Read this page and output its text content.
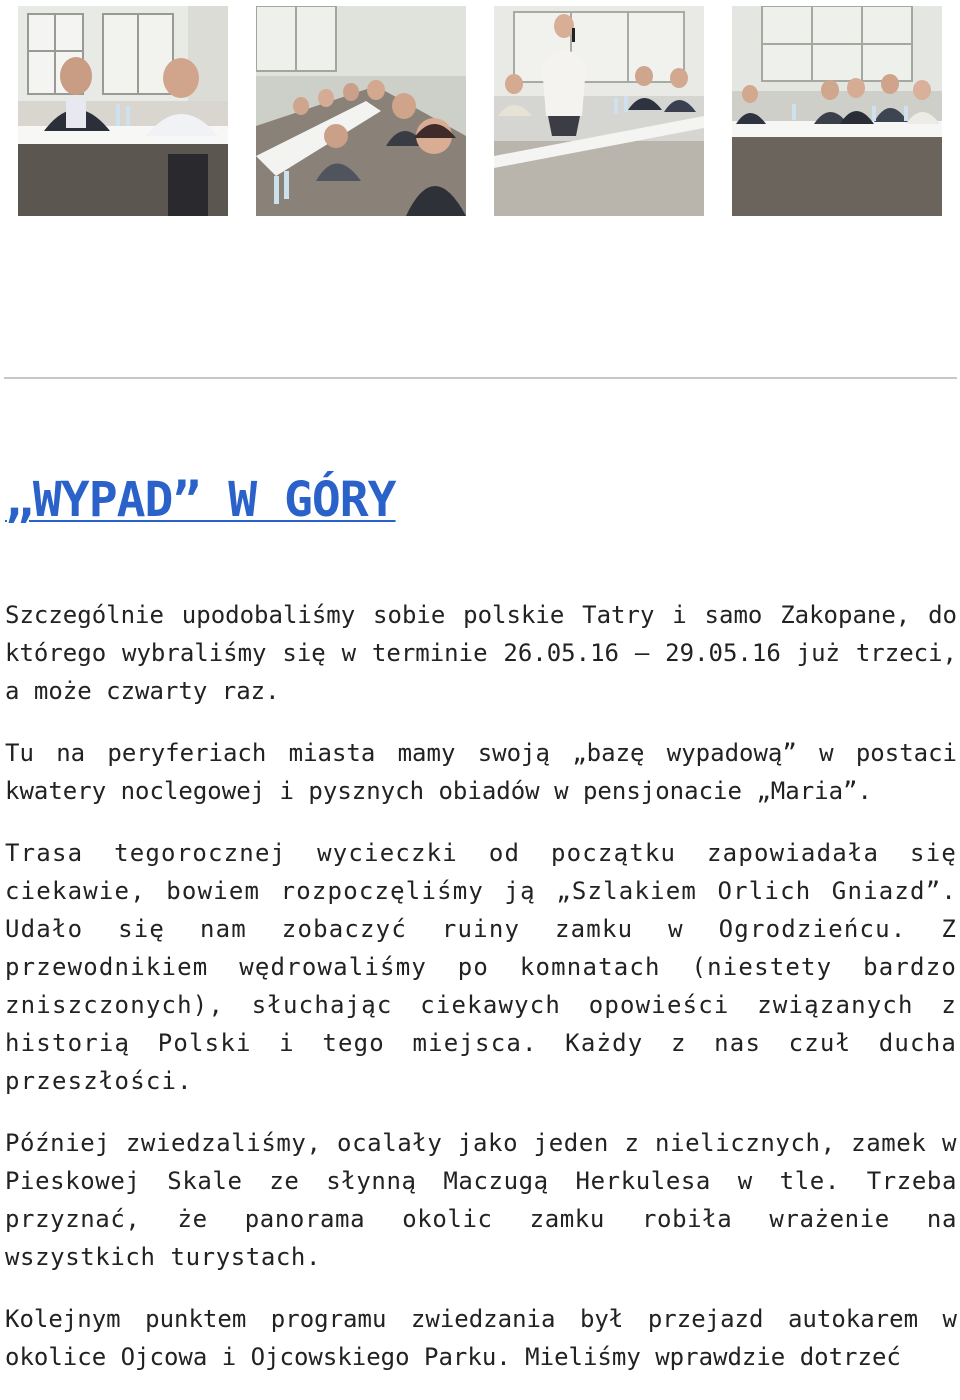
„WYPAD” W GÓRY

Szczególnie upodobaliśmy sobie polskie Tatry i samo Zakopane, do którego wybraliśmy się w terminie 26.05.16 – 29.05.16 już trzeci, a może czwarty raz.

Tu na peryferiach miasta mamy swoją „bazę wypadową” w postaci kwatery noclegowej i pysznych obiadów w pensjonacie „Maria”.

Trasa tegorocznej wycieczki od początku zapowiadała się ciekawie, bowiem rozpoczęliśmy ją „Szlakiem Orlich Gniazd”. Udało się nam zobaczyć ruiny zamku w Ogrodzieńcu. Z przewodnikiem wędrowaliśmy po komnatach (niestety bardzo zniszczonych), słuchając ciekawych opowieści związanych z historią Polski i tego miejsca. Każdy z nas czuł ducha przeszłości.

Później zwiedzaliśmy, ocalały jako jeden z nielicznych, zamek w Pieskowej Skale ze słynną Maczugą Herkulesa w tle. Trzeba przyznać, że panorama okolic zamku robiła wrażenie na wszystkich turystach.

Kolejnym punktem programu zwiedzania był przejazd autokarem w okolice Ojcowa i Ojcowskiego Parku. Mieliśmy wprawdzie dotrzeć
